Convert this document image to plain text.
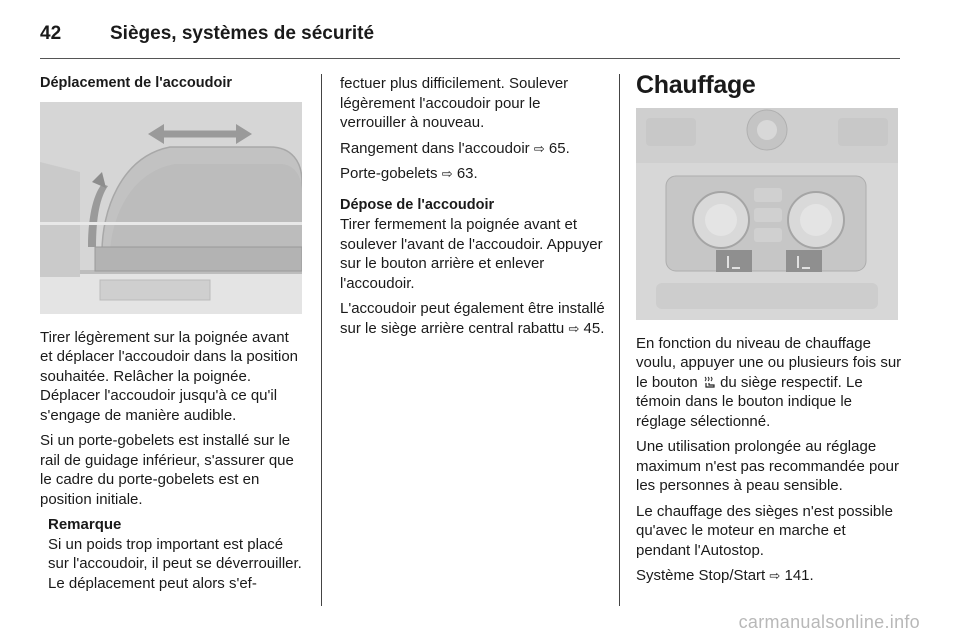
42	Sièges, systèmes de sécurité
Déplacement de l'accoudoir

Tirer légèrement sur la poignée avant et déplacer l'accoudoir dans la position souhaitée. Relâcher la poignée. Déplacer l'accoudoir jusqu'à ce qu'il s'engage de manière audible.

Si un porte-gobelets est installé sur le rail de guidage inférieur, s'assurer que le cadre du porte-gobelets est en position initiale.

Remarque
Si un poids trop important est placé sur l'accoudoir, il peut se déverrouiller. Le déplacement peut alors s'ef-

fectuer plus difficilement. Soulever légèrement l'accoudoir pour le verrouiller à nouveau.

Rangement dans l'accoudoir ⇨ 65.

Porte-gobelets ⇨ 63.

Dépose de l'accoudoir

Tirer fermement la poignée avant et soulever l'avant de l'accoudoir. Appuyer sur le bouton arrière et enlever l'accoudoir.

L'accoudoir peut également être installé sur le siège arrière central rabattu ⇨ 45.

Chauffage

En fonction du niveau de chauffage voulu, appuyer une ou plusieurs fois sur le bouton du siège respectif. Le témoin dans le bouton indique le réglage sélectionné.

Une utilisation prolongée au réglage maximum n'est pas recommandée pour les personnes à peau sensible.

Le chauffage des sièges n'est possible qu'avec le moteur en marche et pendant l'Autostop.

Système Stop/Start ⇨ 141.

carmanualsonline.info
